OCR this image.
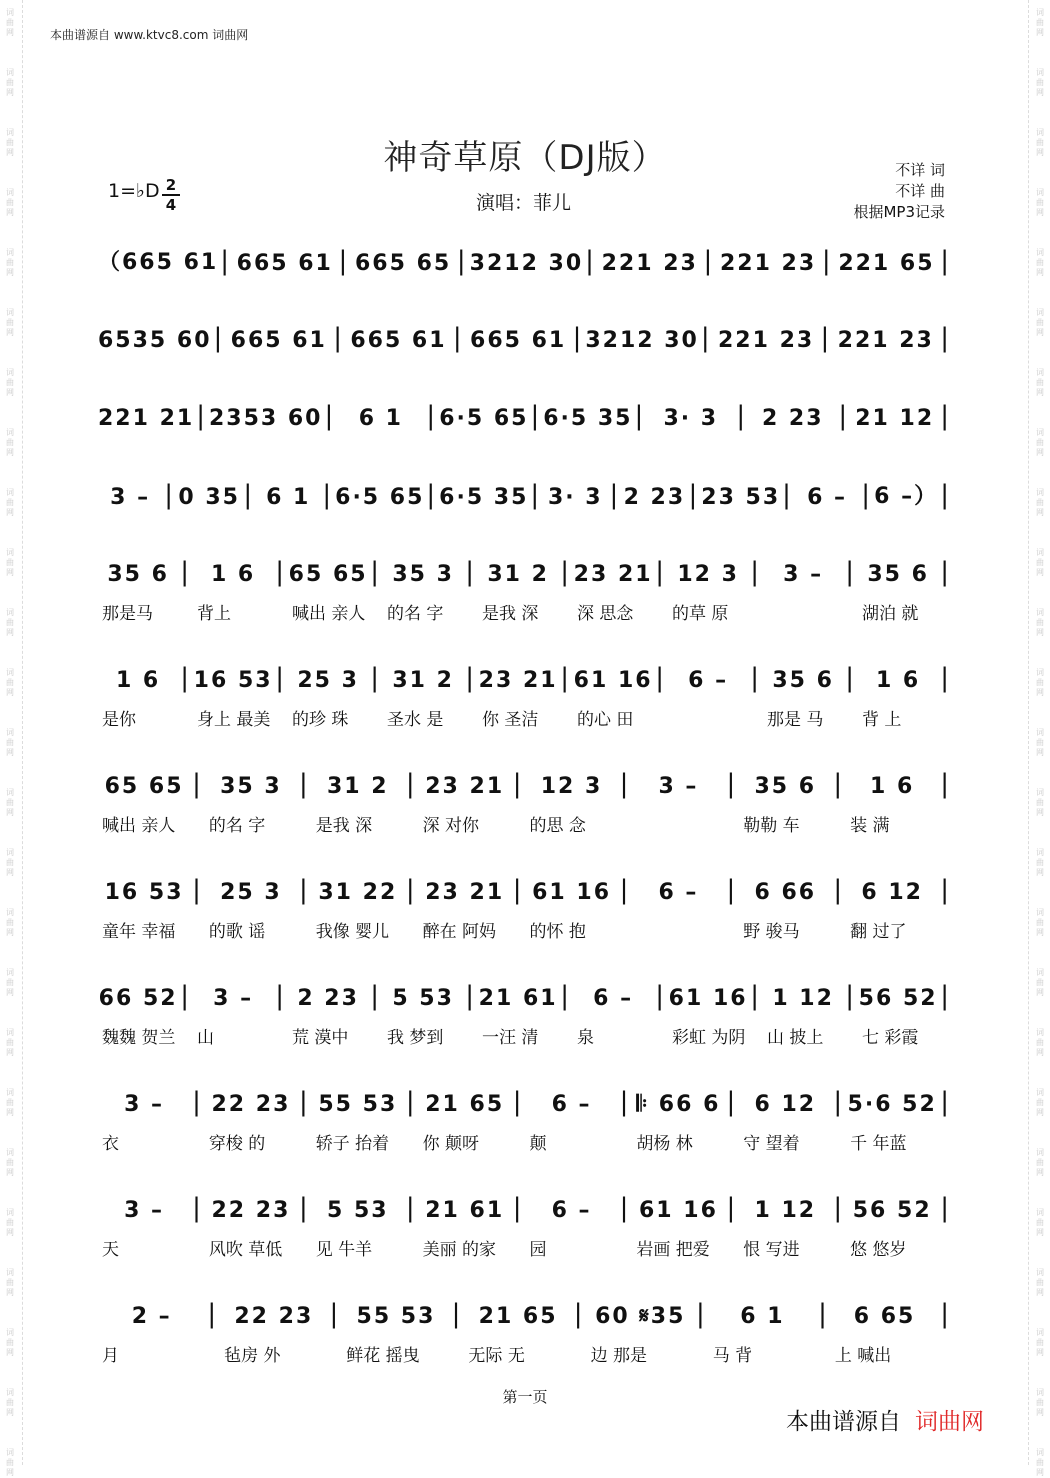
词曲网
词曲网
词曲网
词曲网
词曲网
词曲网
词曲网
词曲网
词曲网
词曲网
词曲网
词曲网
词曲网
词曲网
词曲网
词曲网
词曲网
词曲网
词曲网
词曲网
词曲网
词曲网
词曲网
词曲网
词曲网
词曲网
词曲网
词曲网
词曲网
词曲网
词曲网
词曲网
词曲网
词曲网
词曲网
词曲网
词曲网
词曲网
词曲网
词曲网
词曲网
词曲网
词曲网
词曲网
词曲网
词曲网
词曲网
词曲网
词曲网
词曲网
本曲谱源自 www.ktvc8.com 词曲网
神奇草原（DJ版）
1=♭D $\frac{2}{4}$	演唱：菲儿
不详 词
不详 曲
根据MP3记录
（665 61 | 665 61 | 665 65 | 3212 30 | 221 23 | 221 23 | 221 65 |
6535 60 | 665 61 | 665 61 | 665 61 | 3212 30 | 221 23 | 221 23 |
221 21 | 2353 60 |	6 1 | 6·5 65 | 6·5 35 | 3· 3 | 2 23 | 21 12 |
3 – | 0 35 | 6 1 | 6·5 65 | 6·5 35 | 3· 3 | 2 23 | 23 53 | 6 – | 6 –） |
35 6 | 1 6 | 65 65 | 35 3 | 31 2 | 23 21 | 12 3 |	3 – | 35 6 |
那是马	背上	喊出 亲人	的名 字	是我 深	深 思念	的草 原	湖泊 就
1 6 | 16 53 | 25 3 | 31 2 | 23 21 | 61 16 |	6 – | 35 6 | 1 6 |
是你	身上 最美	的珍 珠	圣水 是	你 圣洁	的心 田	那是 马	背 上
65 65 | 35 3 | 31 2 | 23 21 | 12 3 |	3 –	| 35 6 |	1 6 |
喊出 亲人	的名 字	是我 深	深 对你	的思 念	勒勒 车	装 满
16 53 | 25 3 | 31 22 | 23 21 | 61 16 |	6 –	| 6 66 | 6 12 |
童年 幸福	的歌 谣	我像 婴儿	醉在 阿妈	的怀 抱	野 骏马	翻 过了
66 52 |	3 – | 2 23 | 5 53 | 21 61 |	6 – | 61 16 | 1 12 | 56 52 |
魏魏 贺兰	山	荒 漠中	我 梦到	一汪 清	泉	彩虹 为阴	山 披上	七 彩霞
3 –	| 22 23 | 55 53 | 21 65 |	6 –	| 𝄆 66 6 | 6 12 | 5·6 52 |
衣	穿梭 的	轿子 抬着	你 颠呀	颠	胡杨 林	守 望着	千 年蓝
3 –	| 22 23 | 5 53 | 21 61 |	6 –	| 61 16 | 1 12 | 56 52 |
天	风吹 草低	见 牛羊	美丽 的家	园	岩画 把爱	恨 写进	悠 悠岁
2 –	| 22 23 | 55 53 | 21 65 | 60 𝄋35 |	6 1	|	6 65 |
月	毡房 外	鲜花 摇曳	无际 无	边 那是	马 背	上 喊出
第一页
本曲谱源自 词曲网
